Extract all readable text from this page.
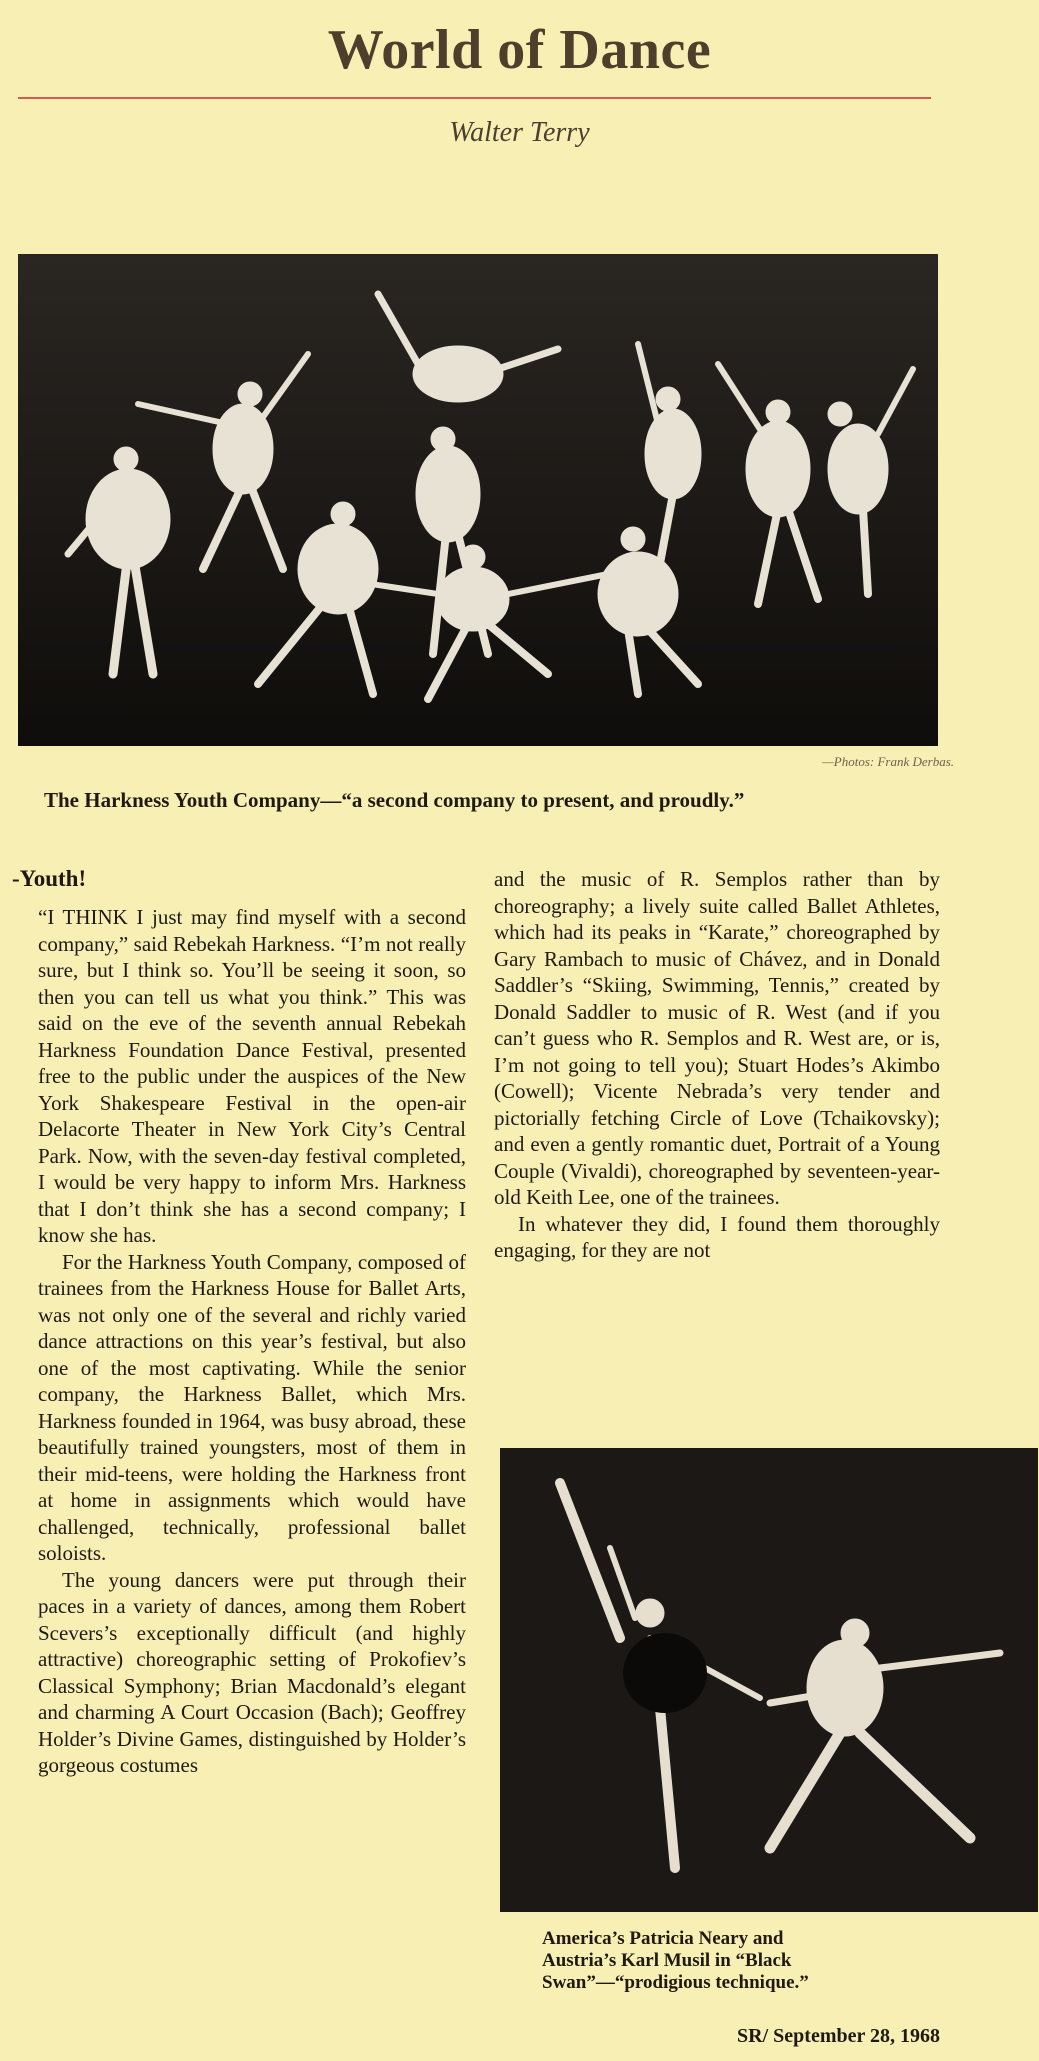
World of Dance
Walter Terry
—Photos: Frank Derbas.
The Harkness Youth Company—“a second company to present, and proudly.”
-Youth!

“I THINK I just may find myself with a second company,” said Rebekah Harkness. “I’m not really sure, but I think so. You’ll be seeing it soon, so then you can tell us what you think.” This was said on the eve of the seventh annual Rebekah Harkness Foundation Dance Festival, presented free to the public under the auspices of the New York Shakespeare Festival in the open-air Delacorte Theater in New York City’s Central Park. Now, with the seven-day festival completed, I would be very happy to inform Mrs. Harkness that I don’t think she has a second company; I know she has.

For the Harkness Youth Company, composed of trainees from the Harkness House for Ballet Arts, was not only one of the several and richly varied dance attractions on this year’s festival, but also one of the most captivating. While the senior company, the Harkness Ballet, which Mrs. Harkness founded in 1964, was busy abroad, these beautifully trained youngsters, most of them in their mid-teens, were holding the Harkness front at home in assignments which would have challenged, technically, professional ballet soloists.

The young dancers were put through their paces in a variety of dances, among them Robert Scevers’s exceptionally difficult (and highly attractive) choreographic setting of Prokofiev’s Classical Symphony; Brian Macdonald’s elegant and charming A Court Occasion (Bach); Geoffrey Holder’s Divine Games, distinguished by Holder’s gorgeous costumes

and the music of R. Semplos rather than by choreography; a lively suite called Ballet Athletes, which had its peaks in “Karate,” choreographed by Gary Rambach to music of Chávez, and in Donald Saddler’s “Skiing, Swimming, Tennis,” created by Donald Saddler to music of R. West (and if you can’t guess who R. Semplos and R. West are, or is, I’m not going to tell you); Stuart Hodes’s Akimbo (Cowell); Vicente Nebrada’s very tender and pictorially fetching Circle of Love (Tchaikovsky); and even a gently romantic duet, Portrait of a Young Couple (Vivaldi), choreographed by seventeen-year-old Keith Lee, one of the trainees.

In whatever they did, I found them thoroughly engaging, for they are not

America’s Patricia Neary and
Austria’s Karl Musil in “Black
Swan”—“prodigious technique.”
SR/ September 28, 1968
